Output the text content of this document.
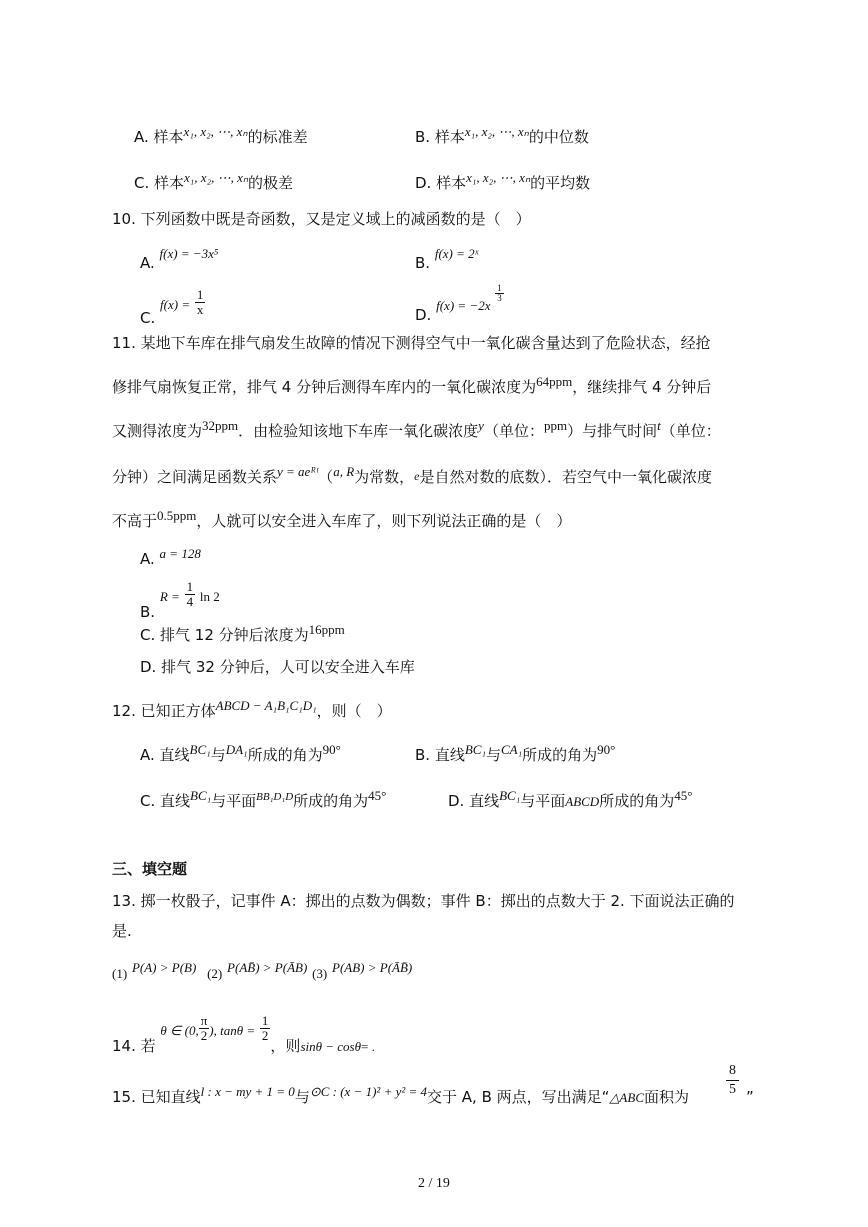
A. 样本x₁, x₂, ⋯, xₙ的标准差	B. 样本x₁, x₂, ⋯, xₙ的中位数
C. 样本x₁, x₂, ⋯, xₙ的极差	D. 样本x₁, x₂, ⋯, xₙ的平均数
10. 下列函数中既是奇函数，又是定义域上的减函数的是（　）
A. f(x) = −3x⁵
B. f(x) = 2ˣ
C. $f(x) = \frac{1}{x}$	D. f(x) = −2x
$\frac{1}{3}$
11. 某地下车库在排气扇发生故障的情况下测得空气中一氧化碳含量达到了危险状态，经抢
修排气扇恢复正常，排气 4 分钟后测得车库内的一氧化碳浓度为64ppm，继续排气 4 分钟后
又测得浓度为32ppm．由检验知该地下车库一氧化碳浓度y（单位：ppm）与排气时间t（单位：
分钟）之间满足函数关系y = aeᴿᵗ（a, R为常数，e是自然对数的底数）．若空气中一氧化碳浓度
不高于0.5ppm，人就可以安全进入车库了，则下列说法正确的是（　）
A. a = 128
B. $R = \frac{1}{4}$ ln 2
C. 排气 12 分钟后浓度为16ppm
D. 排气 32 分钟后，人可以安全进入车库
12. 已知正方体ABCD − A₁B₁C₁D₁，则（　）
A. 直线BC₁与DA₁所成的角为90°	B. 直线BC₁与CA₁所成的角为90°
C. 直线BC₁与平面$^{BB_1D_1D}$所成的角为45°	D. 直线BC₁与平面ABCD所成的角为45°
三、填空题
13. 掷一枚骰子，记事件 A：掷出的点数为偶数；事件 B：掷出的点数大于 2. 下面说法正确的
是.
(1) P(A) > P(B) (2) P(AB̄) > P(ĀB) (3) P(AB) > P(ĀB̄)
14. 若 θ ∈ (0, $\frac{\pi}{2}$ ), $\tan\theta = \frac{1}{2}$
，则sinθ − cosθ= .
15. 已知直线l : x − my + 1 = 0与⊙C : (x − 1)² + y² = 4交于 A, B 两点，写出满足“△ABC面积为	$\frac{8}{5}$ ”
2 / 19
